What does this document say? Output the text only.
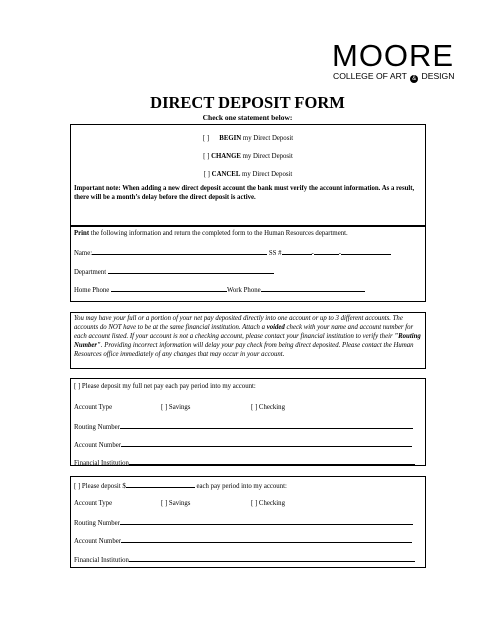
MOORE
COLLEGE OF ART & DESIGN
DIRECT DEPOSIT FORM
Check one statement below:
[ ] BEGIN my Direct Deposit
[ ] CHANGE my Direct Deposit
[ ] CANCEL my Direct Deposit
Important note: When adding a new direct deposit account the bank must verify the account information. As a result, there will be a month’s delay before the direct deposit is active.
Print the following information and return the completed form to the Human Resources department.
Name:	SS #	-	-
Department
Home Phone	Work Phone
You may have your full or a portion of your net pay deposited directly into one account or up to 3 different accounts. The accounts do NOT have to be at the same financial institution. Attach a voided check with your name and account number for each account listed. If your account is not a checking account, please contact your financial institution to verify their "Routing Number". Providing incorrect information will delay your pay check from being direct deposited. Please contact the Human Resources office immediately of any changes that may occur in your account.
[ ] Please deposit my full net pay each pay period into my account:
Account Type	[ ] Savings	[ ] Checking
Routing Number
Account Number
Financial Institution
[ ] Please deposit $	each pay period into my account:
Account Type	[ ] Savings	[ ] Checking
Routing Number
Account Number
Financial Institution
